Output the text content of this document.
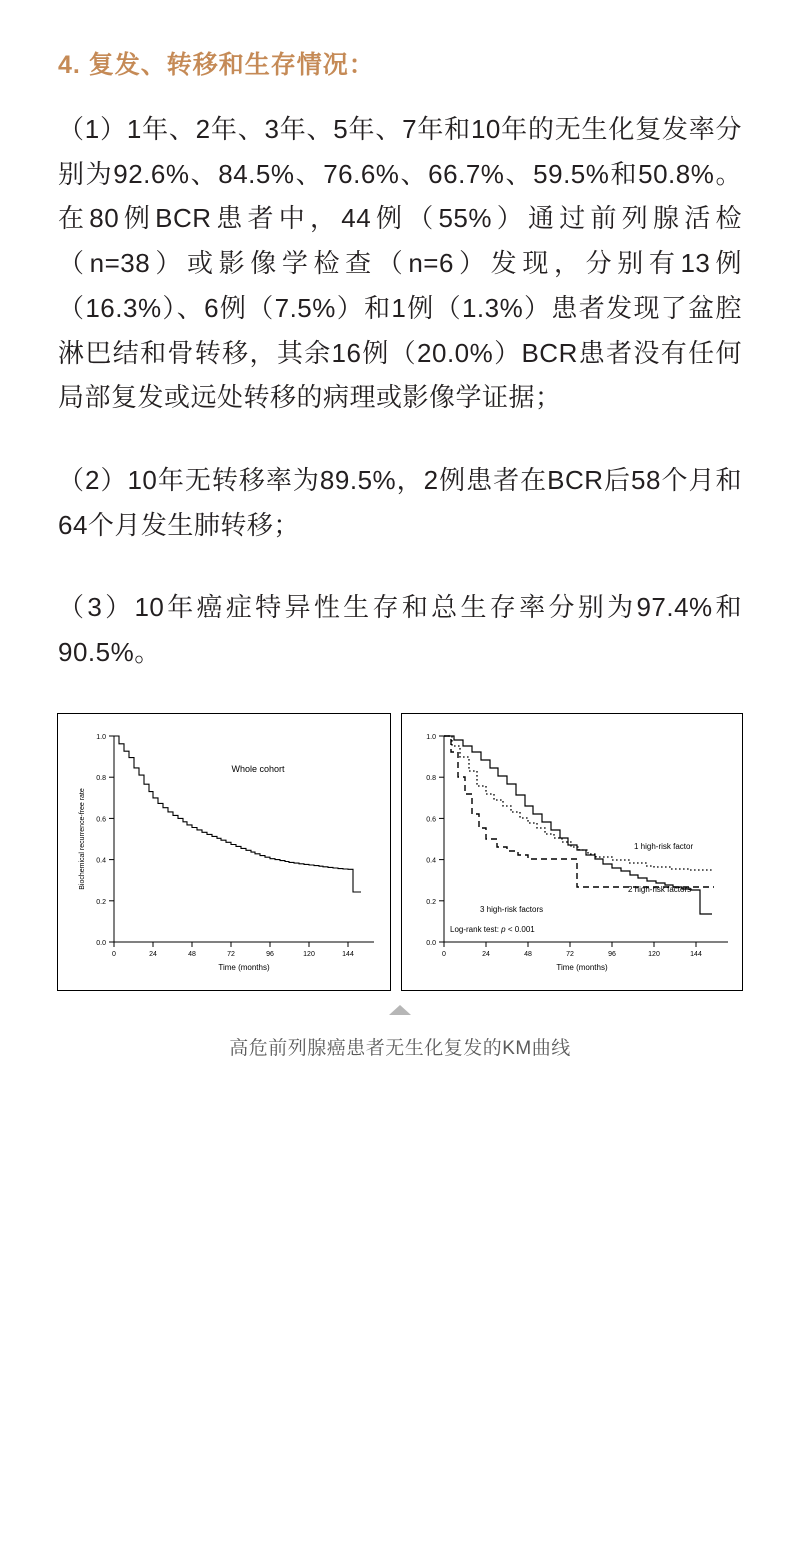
4. 复发、转移和生存情况：

（1）1年、2年、3年、5年、7年和10年的无生化复发率分别为92.6%、84.5%、76.6%、66.7%、59.5%和50.8%。在80例BCR患者中，44例（55%）通过前列腺活检（n=38）或影像学检查（n=6）发现，分别有13例（16.3%）、6例（7.5%）和1例（1.3%）患者发现了盆腔淋巴结和骨转移，其余16例（20.0%）BCR患者没有任何局部复发或远处转移的病理或影像学证据；

（2）10年无转移率为89.5%，2例患者在BCR后58个月和64个月发生肺转移；

（3）10年癌症特异性生存和总生存率分别为97.4%和90.5%。

0	24	48	72	96	120	144
0.0
0.2
0.4
0.6
0.8
1.0
Time (months)
Biochemical recurrence-free rate
Whole cohort
0	24	48	72	96	120	144
0.0
0.2
0.4
0.6
0.8
1.0
Time (months)
1 high-risk factor
2 high-risk factors
3 high-risk factors
Log-rank test: p < 0.001
高危前列腺癌患者无生化复发的KM曲线
